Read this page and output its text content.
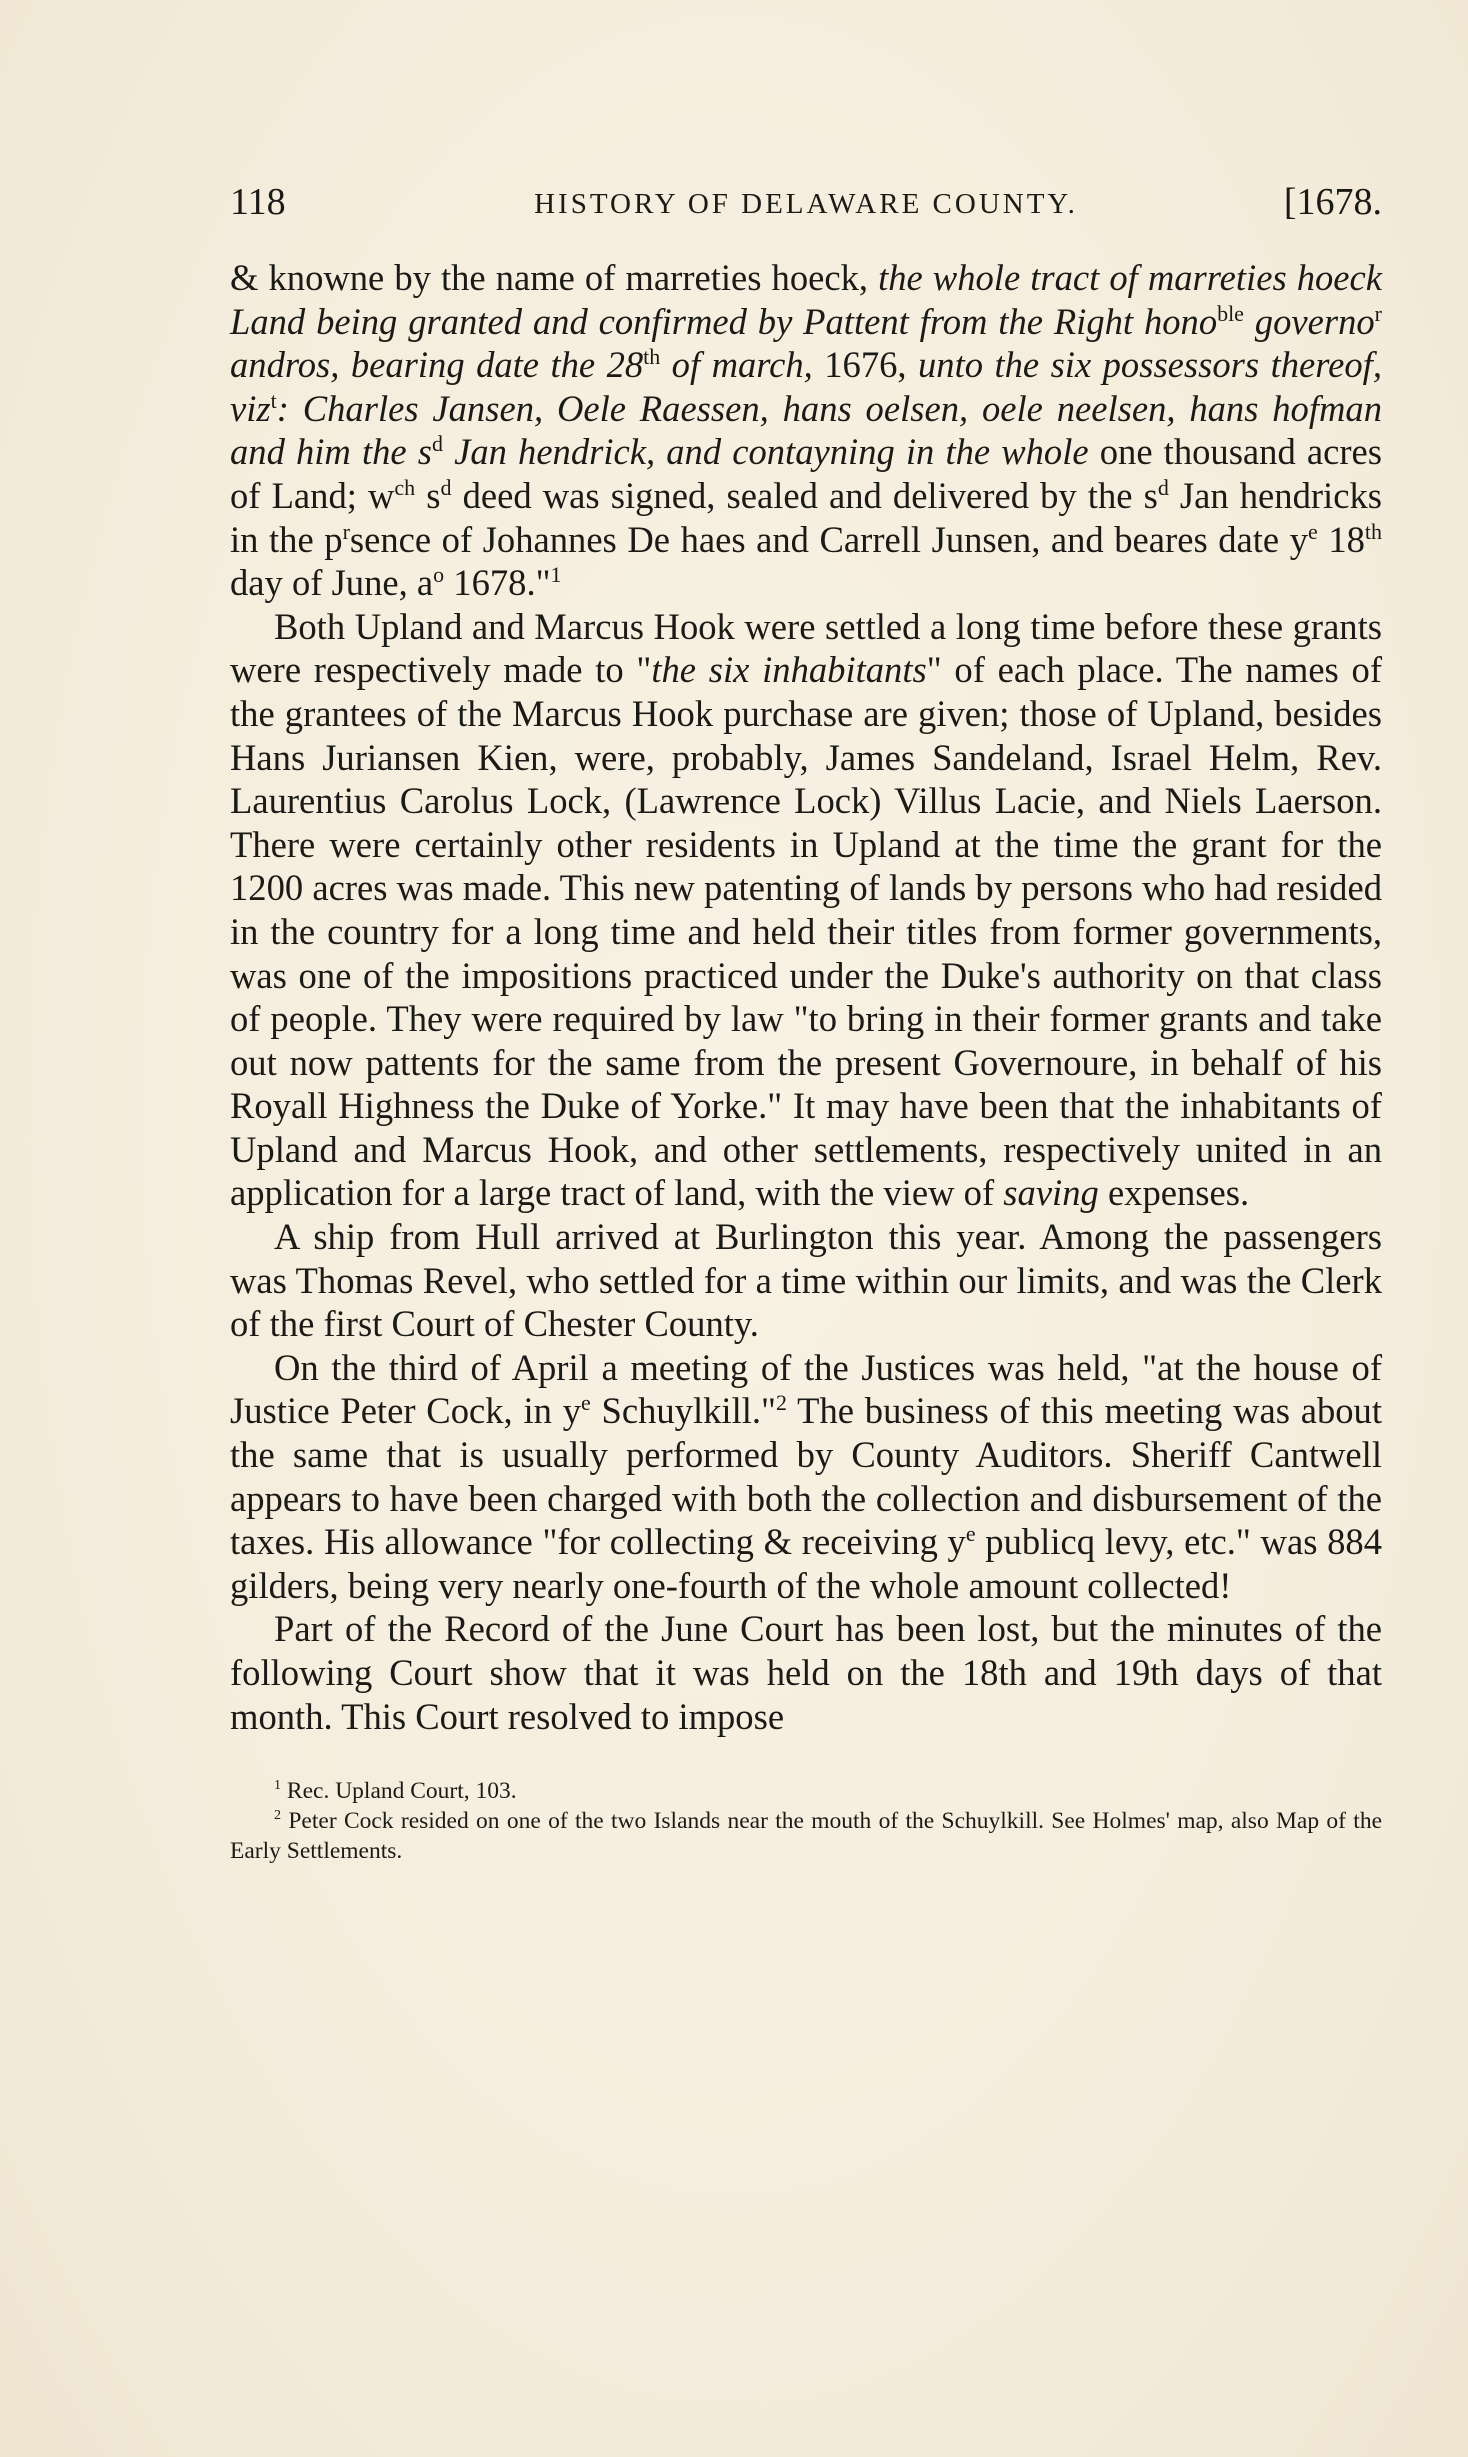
118	HISTORY OF DELAWARE COUNTY.	[1678.

& knowne by the name of marreties hoeck, the whole tract of marreties hoeck Land being granted and confirmed by Pattent from the Right hono$^{ble}$ governo$^r$ andros, bearing date the 28th of march, 1676, unto the six possessors thereof, viz$^t$: Charles Jansen, Oele Raessen, hans oelsen, oele neelsen, hans hofman and him the $s^d$ Jan hendrick, and contayning in the whole one thousand acres of Land; $w^{ch}$ $s^d$ deed was signed, sealed and delivered by the $s^d$ Jan hendricks in the $p^rsence$ of Johannes De haes and Carrell Junsen, and beares date $y^e$ 18th day of June, $a^o$ 1678."$^1$

Both Upland and Marcus Hook were settled a long time before these grants were respectively made to "the six inhabitants" of each place. The names of the grantees of the Marcus Hook purchase are given; those of Upland, besides Hans Juriansen Kien, were, probably, James Sandeland, Israel Helm, Rev. Laurentius Carolus Lock, (Lawrence Lock) Villus Lacie, and Niels Laerson. There were certainly other residents in Upland at the time the grant for the 1200 acres was made. This new patenting of lands by persons who had resided in the country for a long time and held their titles from former governments, was one of the impositions practiced under the Duke's authority on that class of people. They were required by law "to bring in their former grants and take out now pattents for the same from the present Governoure, in behalf of his Royall Highness the Duke of Yorke." It may have been that the inhabitants of Upland and Marcus Hook, and other settlements, respectively united in an application for a large tract of land, with the view of saving expenses.

A ship from Hull arrived at Burlington this year. Among the passengers was Thomas Revel, who settled for a time within our limits, and was the Clerk of the first Court of Chester County.

On the third of April a meeting of the Justices was held, "at the house of Justice Peter Cock, in $y^e$ Schuylkill."$^2$ The business of this meeting was about the same that is usually performed by County Auditors. Sheriff Cantwell appears to have been charged with both the collection and disbursement of the taxes. His allowance "for collecting & receiving $y^e$ publicq levy, etc." was 884 gilders, being very nearly one-fourth of the whole amount collected!

Part of the Record of the June Court has been lost, but the minutes of the following Court show that it was held on the 18th and 19th days of that month. This Court resolved to impose

$^1$ Rec. Upland Court, 103.

$^2$ Peter Cock resided on one of the two Islands near the mouth of the Schuylkill. See Holmes' map, also Map of the Early Settlements.
